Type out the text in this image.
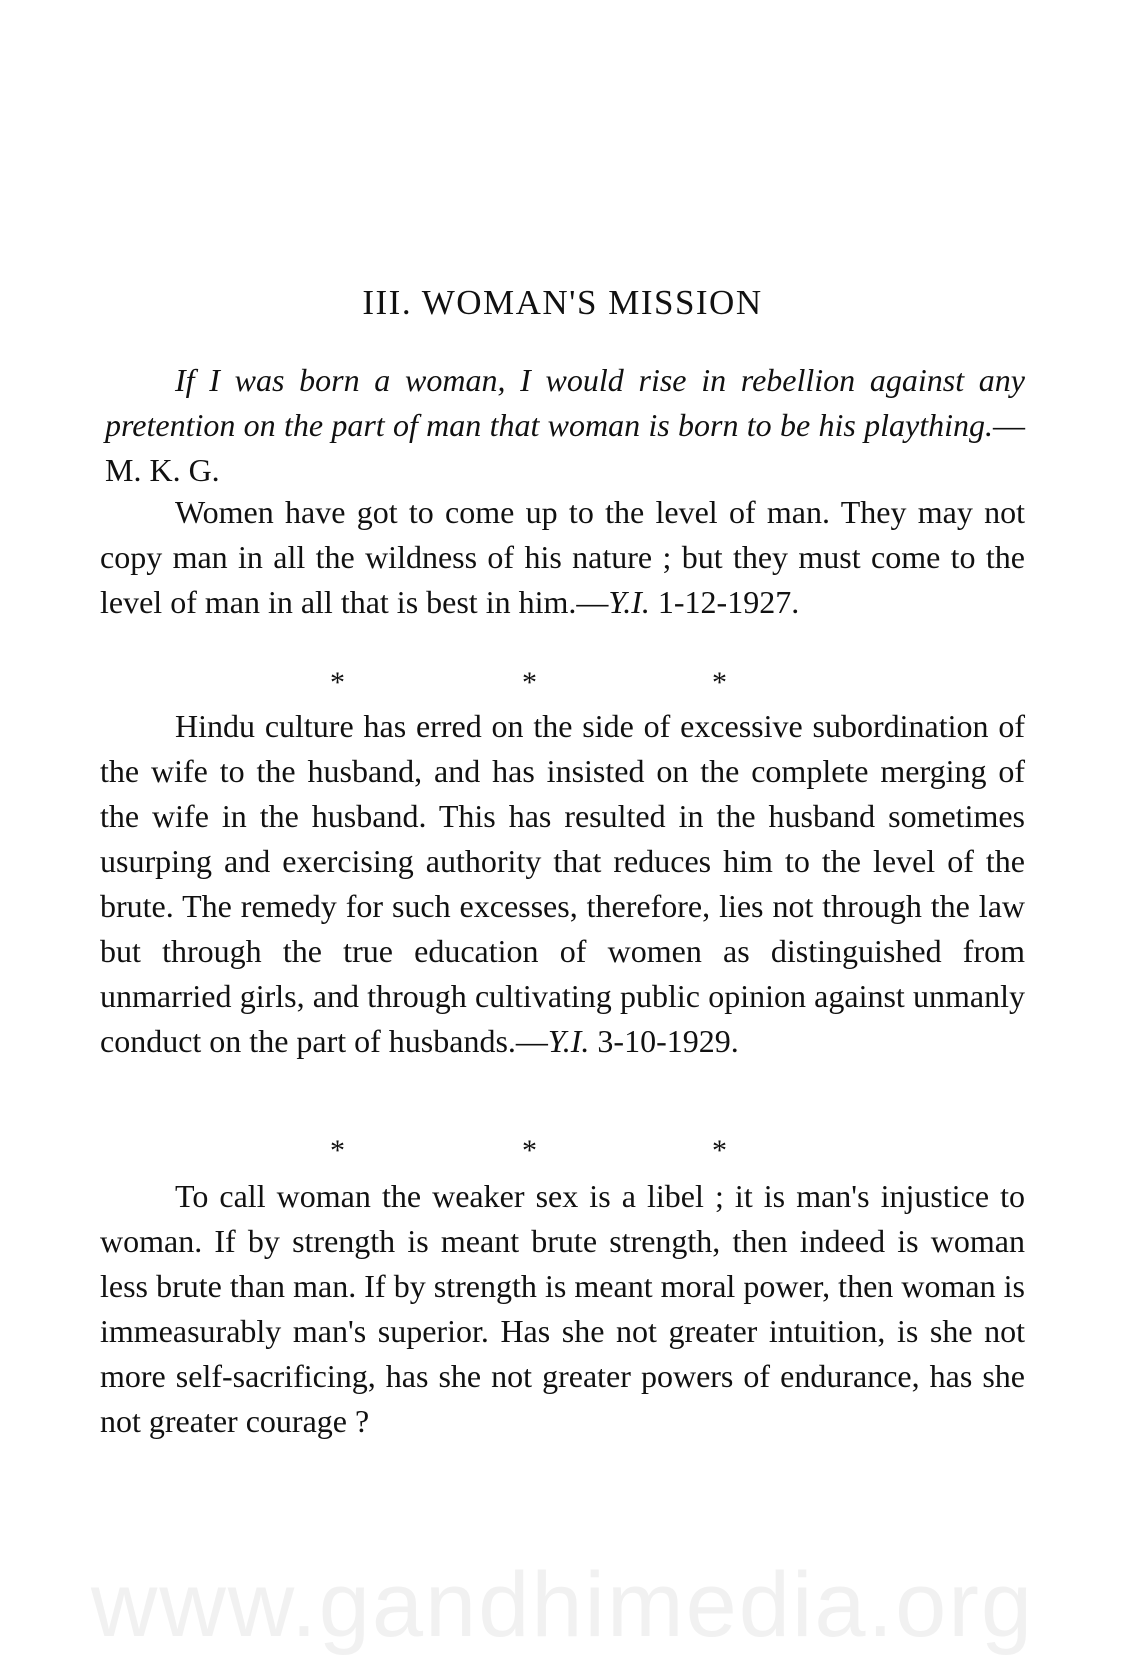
III. WOMAN'S MISSION
If I was born a woman, I would rise in rebellion against any pretention on the part of man that woman is born to be his plaything.—M. K. G.
Women have got to come up to the level of man. They may not copy man in all the wildness of his nature ; but they must come to the level of man in all that is best in him.—Y.I. 1-12-1927.
*	*	*
Hindu culture has erred on the side of excessive subordination of the wife to the husband, and has insisted on the complete merging of the wife in the husband. This has resulted in the husband sometimes usurping and exercising authority that reduces him to the level of the brute. The remedy for such excesses, therefore, lies not through the law but through the true education of women as distinguished from unmarried girls, and through cultivating public opinion against unmanly conduct on the part of husbands.—Y.I. 3-10-1929.
*	*	*
To call woman the weaker sex is a libel ; it is man's injustice to woman. If by strength is meant brute strength, then indeed is woman less brute than man. If by strength is meant moral power, then woman is immeasurably man's superior. Has she not greater intuition, is she not more self-sacrificing, has she not greater powers of endurance, has she not greater courage ?
www.gandhimedia.org
